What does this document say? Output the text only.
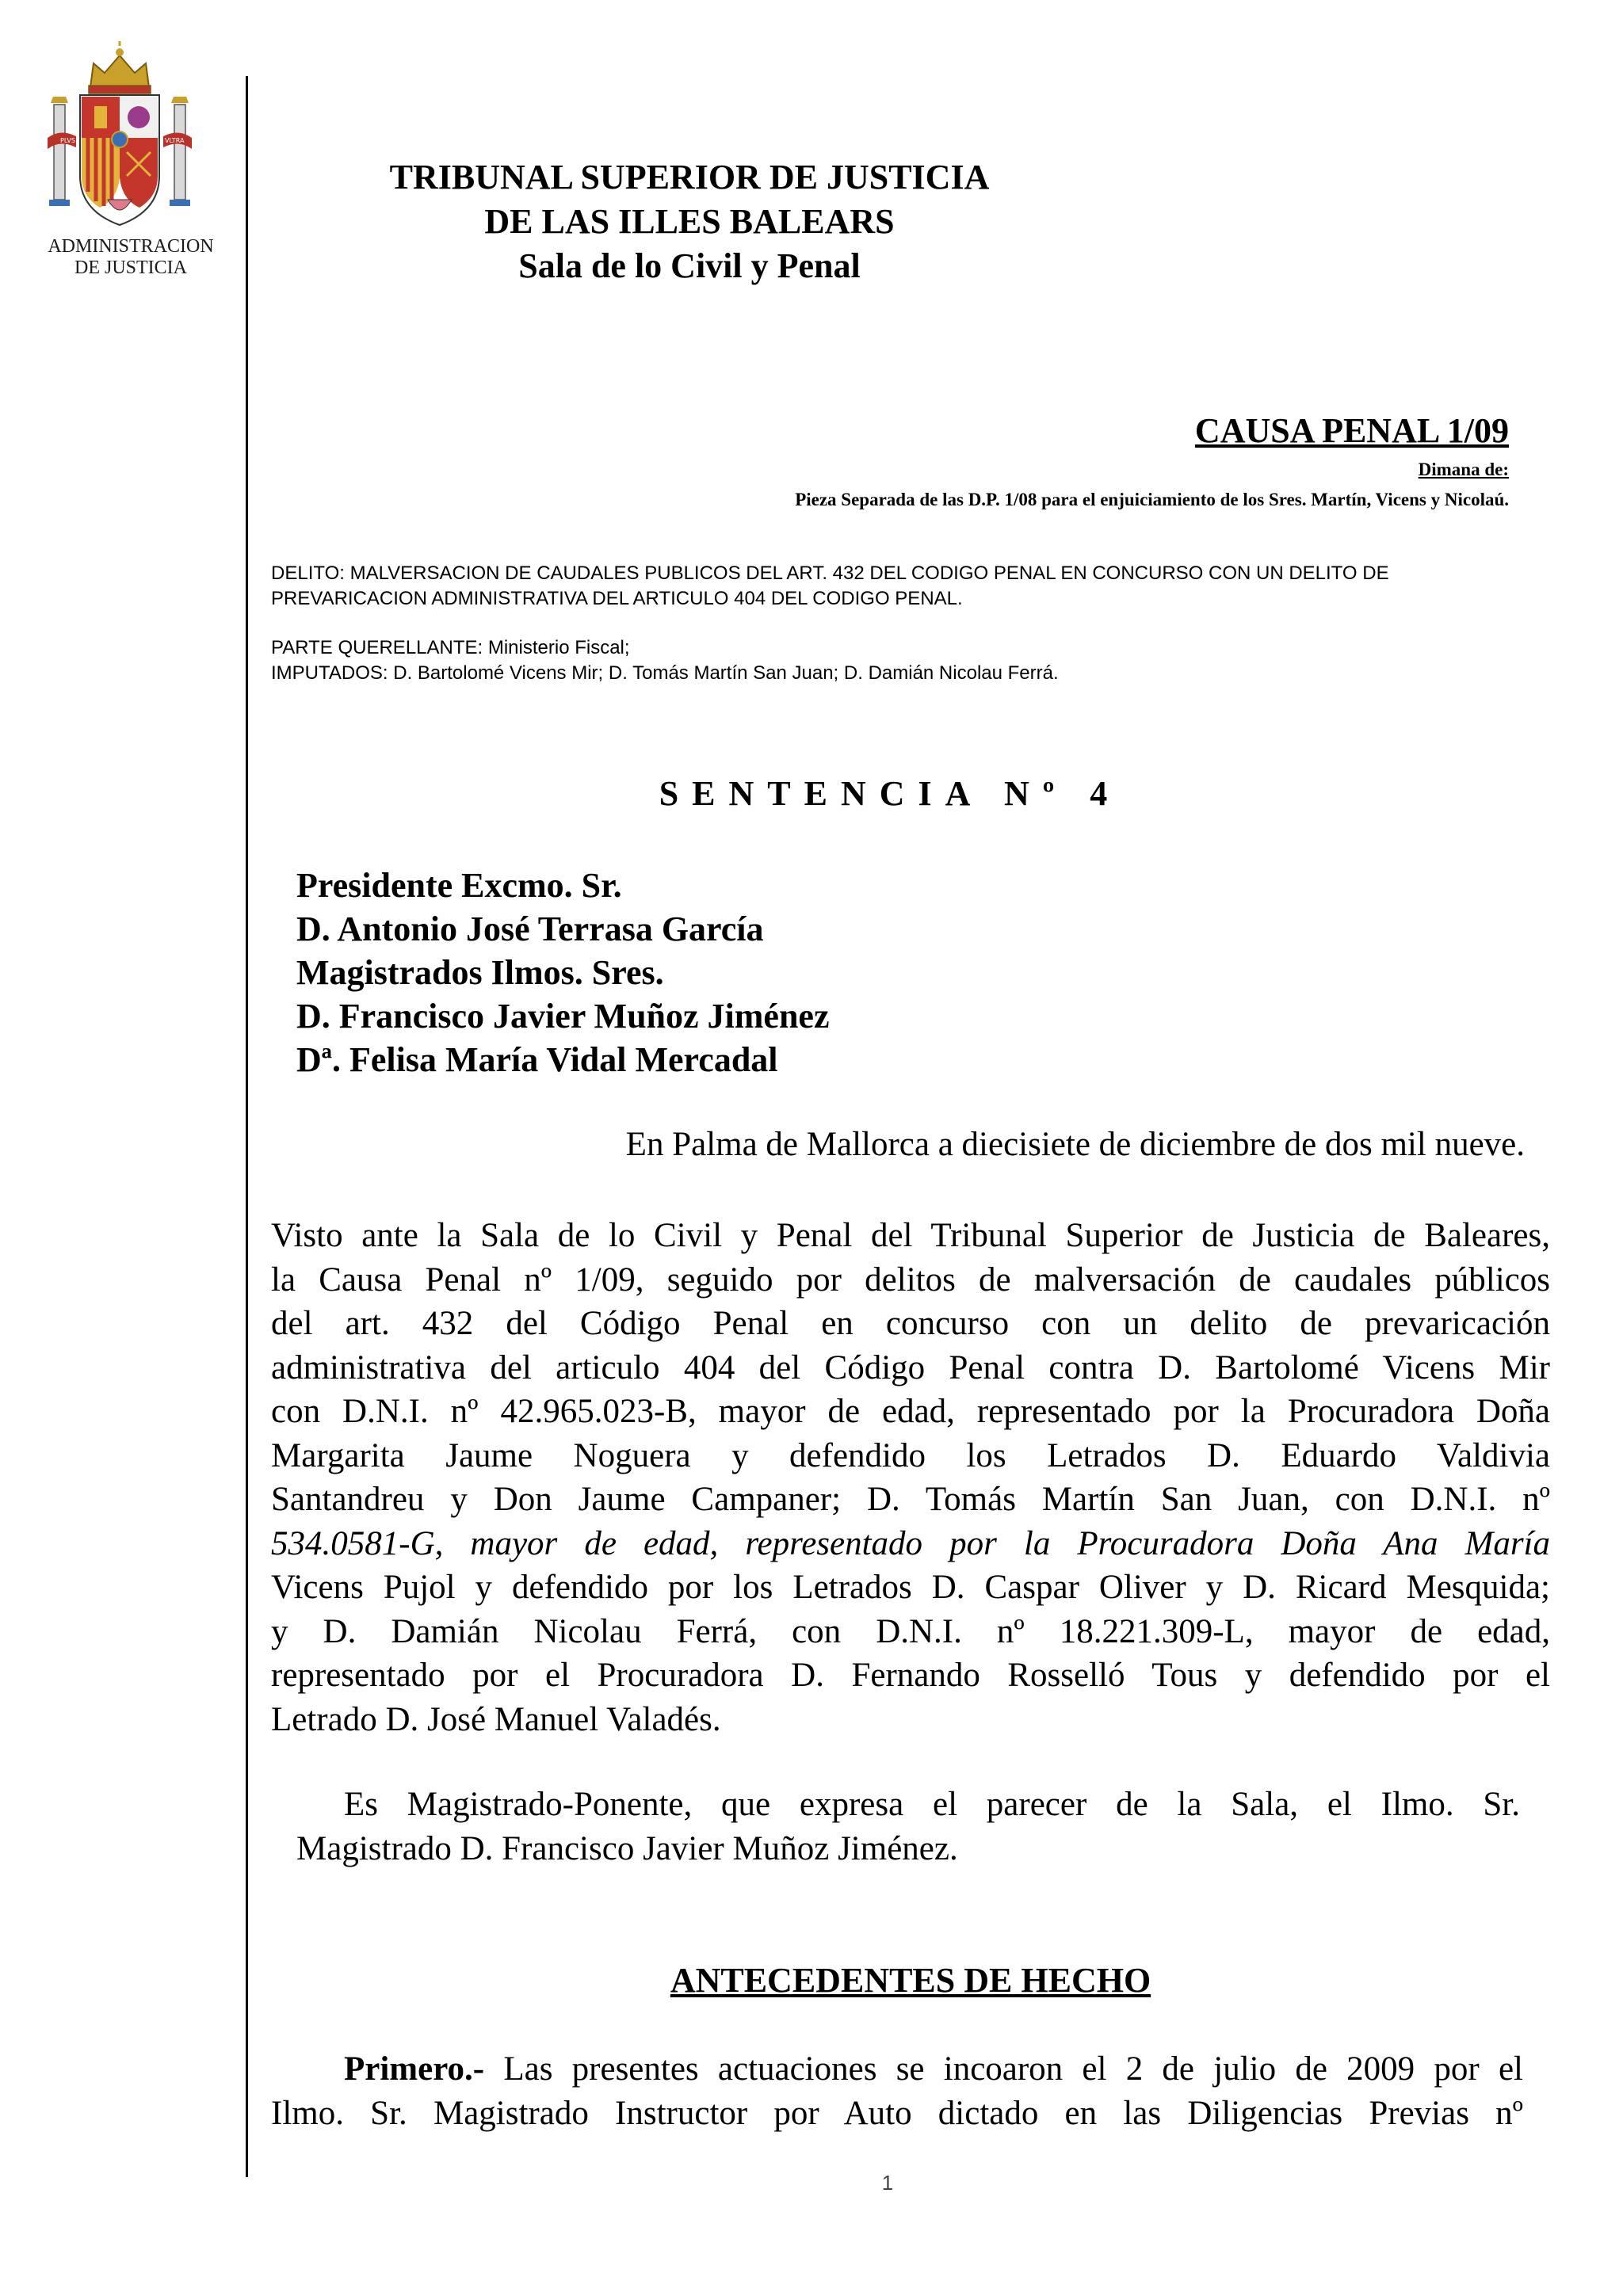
PLVS	VLTRA
ADMINISTRACION
DE JUSTICIA
TRIBUNAL SUPERIOR DE JUSTICIA
DE LAS ILLES BALEARS
Sala de lo Civil y Penal
CAUSA PENAL 1/09
Dimana de:
Pieza Separada de las D.P. 1/08 para el enjuiciamiento de los Sres. Martín, Vicens y Nicolaú.
DELITO: MALVERSACION DE CAUDALES PUBLICOS DEL ART. 432 DEL CODIGO PENAL EN CONCURSO CON UN DELITO DE
PREVARICACION ADMINISTRATIVA DEL ARTICULO 404 DEL CODIGO PENAL.
PARTE QUERELLANTE: Ministerio Fiscal;
IMPUTADOS: D. Bartolomé Vicens Mir; D. Tomás Martín San Juan; D. Damián Nicolau Ferrá.
SENTENCIA Nº 4
Presidente Excmo. Sr.
D. Antonio José Terrasa García
Magistrados Ilmos. Sres.
D. Francisco Javier Muñoz Jiménez
Dª. Felisa María Vidal Mercadal
En Palma de Mallorca a diecisiete de diciembre de dos mil nueve.
Visto ante la Sala de lo Civil y Penal del Tribunal Superior de Justicia de Baleares,
la Causa Penal nº 1/09, seguido por delitos de malversación de caudales públicos
del art. 432 del Código Penal en concurso con un delito de prevaricación
administrativa del articulo 404 del Código Penal contra D. Bartolomé Vicens Mir
con D.N.I. nº 42.965.023-B, mayor de edad, representado por la Procuradora Doña
Margarita Jaume Noguera y defendido los Letrados D. Eduardo Valdivia
Santandreu y Don Jaume Campaner; D. Tomás Martín San Juan, con D.N.I. nº
534.0581-G, mayor de edad, representado por la Procuradora Doña Ana María
Vicens Pujol y defendido por los Letrados D. Caspar Oliver y D. Ricard Mesquida;
y D. Damián Nicolau Ferrá, con D.N.I. nº 18.221.309-L, mayor de edad,
representado por el Procuradora D. Fernando Rosselló Tous y defendido por el
Letrado D. José Manuel Valadés.
Es Magistrado-Ponente, que expresa el parecer de la Sala, el Ilmo. Sr.
Magistrado D. Francisco Javier Muñoz Jiménez.
ANTECEDENTES DE HECHO
Primero.- Las presentes actuaciones se incoaron el 2 de julio de 2009 por el
Ilmo. Sr. Magistrado Instructor por Auto dictado en las Diligencias Previas nº
1
